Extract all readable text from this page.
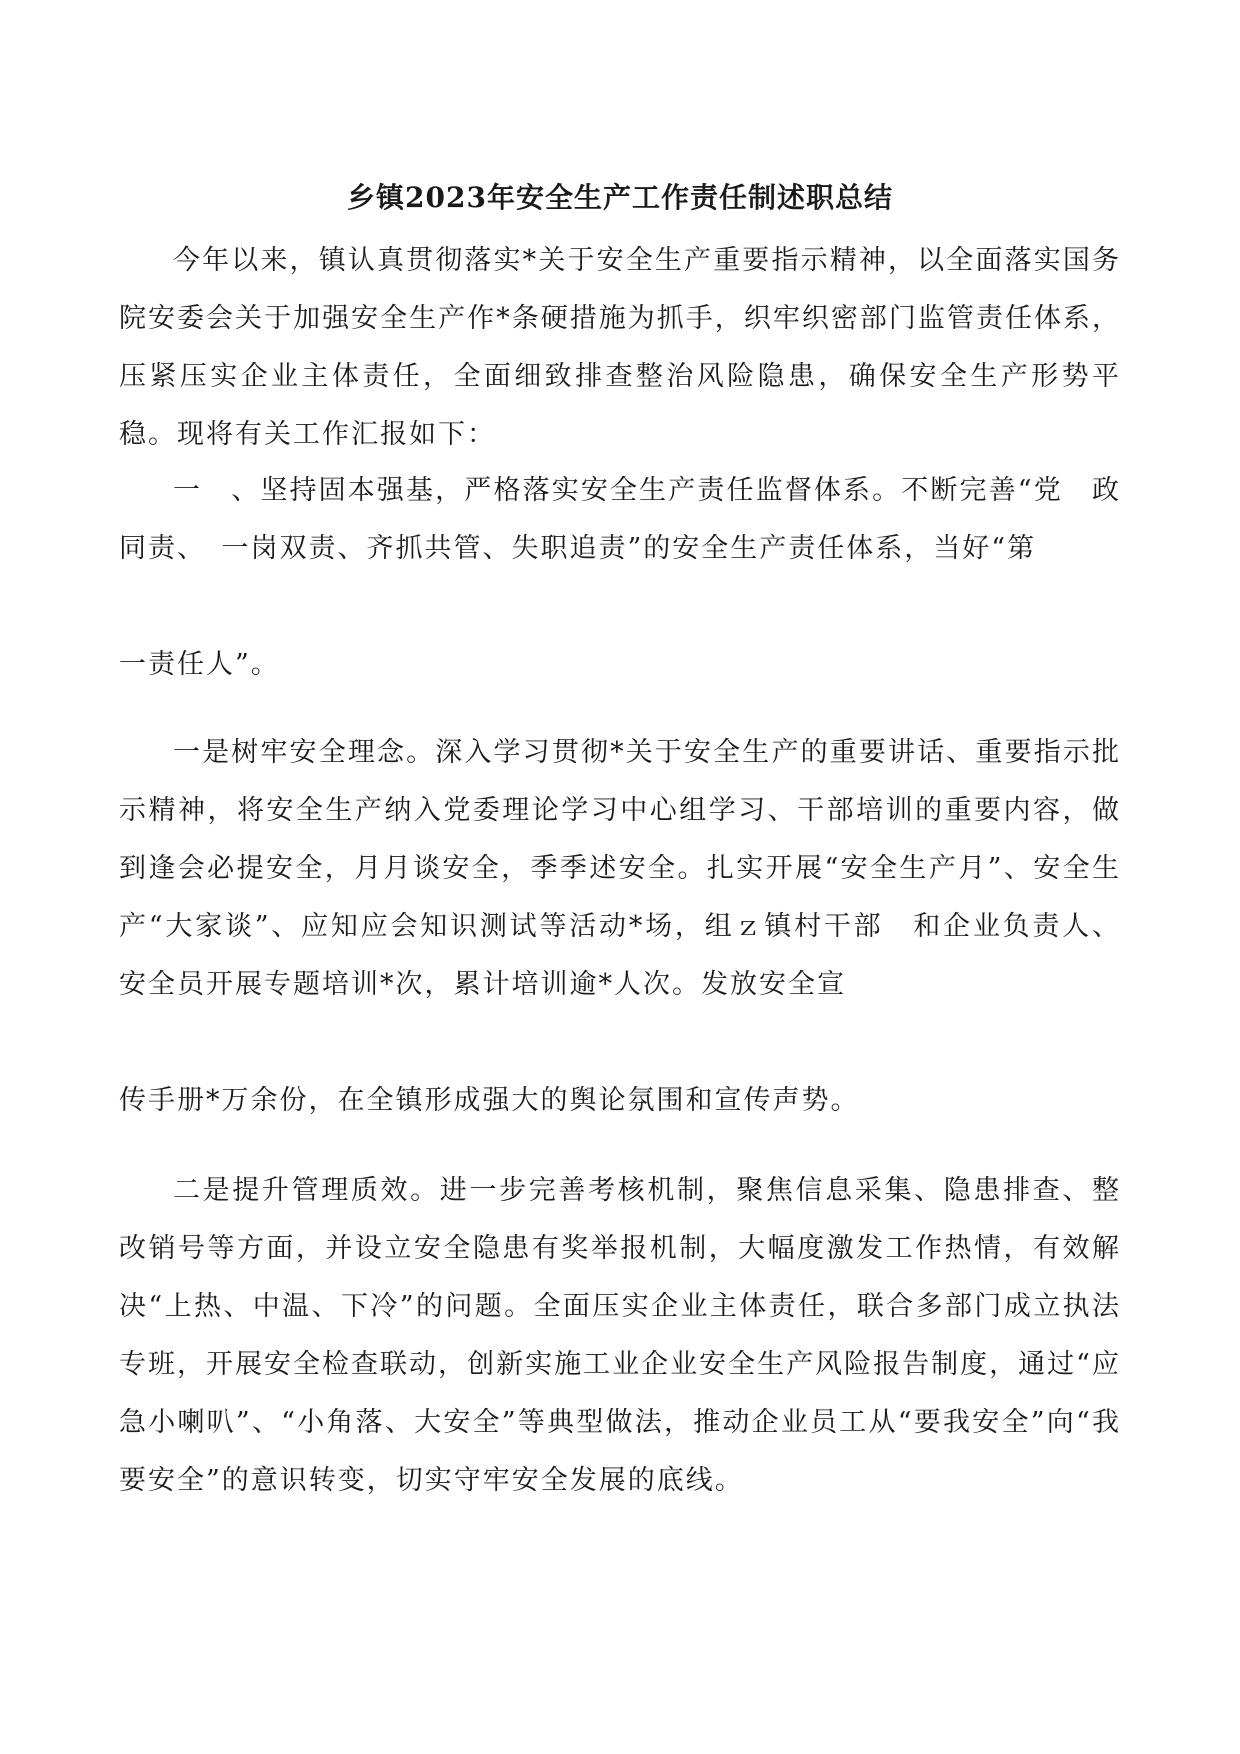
乡镇2023年安全生产工作责任制述职总结

今年以来，镇认真贯彻落实*关于安全生产重要指示精神，以全面落实国务院安委会关于加强安全生产作*条硬措施为抓手，织牢织密部门监管责任体系，压紧压实企业主体责任，全面细致排查整治风险隐患，确保安全生产形势平稳。现将有关工作汇报如下：

一　、坚持固本强基，严格落实安全生产责任监督体系。不断完善“党　政同责、　一岗双责、齐抓共管、失职追责”的安全生产责任体系，当好“第

一责任人”。

一是树牢安全理念。深入学习贯彻*关于安全生产的重要讲话、重要指示批示精神，将安全生产纳入党委理论学习中心组学习、干部培训的重要内容，做到逢会必提安全，月月谈安全，季季述安全。扎实开展“安全生产月”、安全生产“大家谈”、应知应会知识测试等活动*场，组ｚ镇村干部　和企业负责人、安全员开展专题培训*次，累计培训逾*人次。发放安全宣

传手册*万余份，在全镇形成强大的舆论氛围和宣传声势。

二是提升管理质效。进一步完善考核机制，聚焦信息采集、隐患排查、整改销号等方面，并设立安全隐患有奖举报机制，大幅度激发工作热情，有效解决“上热、中温、下冷”的问题。全面压实企业主体责任，联合多部门成立执法专班，开展安全检查联动，创新实施工业企业安全生产风险报告制度，通过“应急小喇叭”、“小角落、大安全”等典型做法，推动企业员工从“要我安全”向“我要安全”的意识转变，切实守牢安全发展的底线。
